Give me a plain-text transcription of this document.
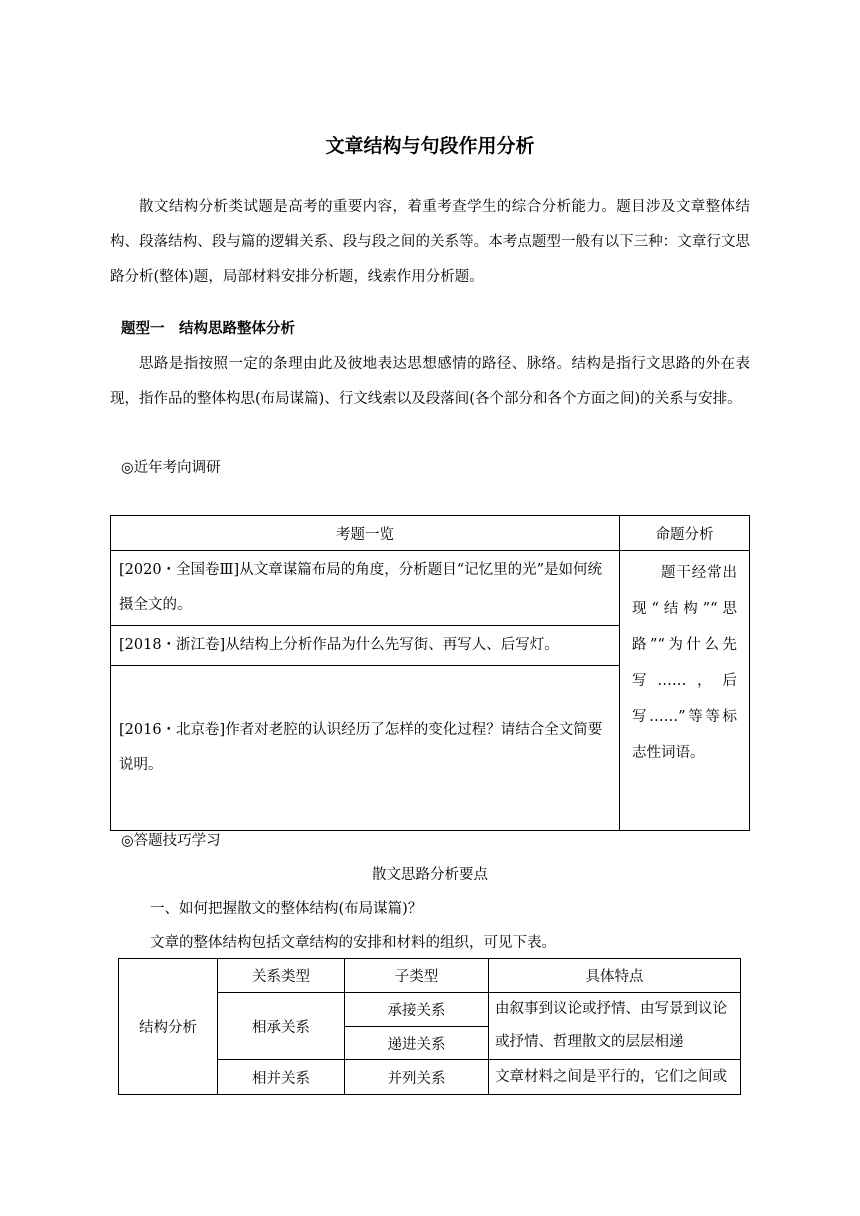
文章结构与句段作用分析

散文结构分析类试题是高考的重要内容，着重考查学生的综合分析能力。题目涉及文章整体结构、段落结构、段与篇的逻辑关系、段与段之间的关系等。本考点题型一般有以下三种：文章行文思路分析(整体)题，局部材料安排分析题，线索作用分析题。

题型一　结构思路整体分析

思路是指按照一定的条理由此及彼地表达思想感情的路径、脉络。结构是指行文思路的外在表现，指作品的整体构思(布局谋篇)、行文线索以及段落间(各个部分和各个方面之间)的关系与安排。

◎近年考向调研

考题一览	命题分析
[2020・全国卷Ⅲ]从文章谋篇布局的角度，分析题目“记忆里的光”是如何统摄全文的。	题干经常出现“结构”“思路”“为什么先写……，后写……”等等标志性词语。

[2018・浙江卷]从结构上分析作品为什么先写街、再写人、后写灯。	
[2016・北京卷]作者对老腔的认识经历了怎样的变化过程？请结合全文简要说明。	

◎答题技巧学习

散文思路分析要点

一、如何把握散文的整体结构(布局谋篇)？

文章的整体结构包括文章结构的安排和材料的组织，可见下表。

结构分析	关系类型	子类型	具体特点
	相承关系	承接关系	由叙事到议论或抒情、由写景到议论或抒情、哲理散文的层层相递
		递进关系	
	相并关系	并列关系	文章材料之间是平行的，它们之间或
